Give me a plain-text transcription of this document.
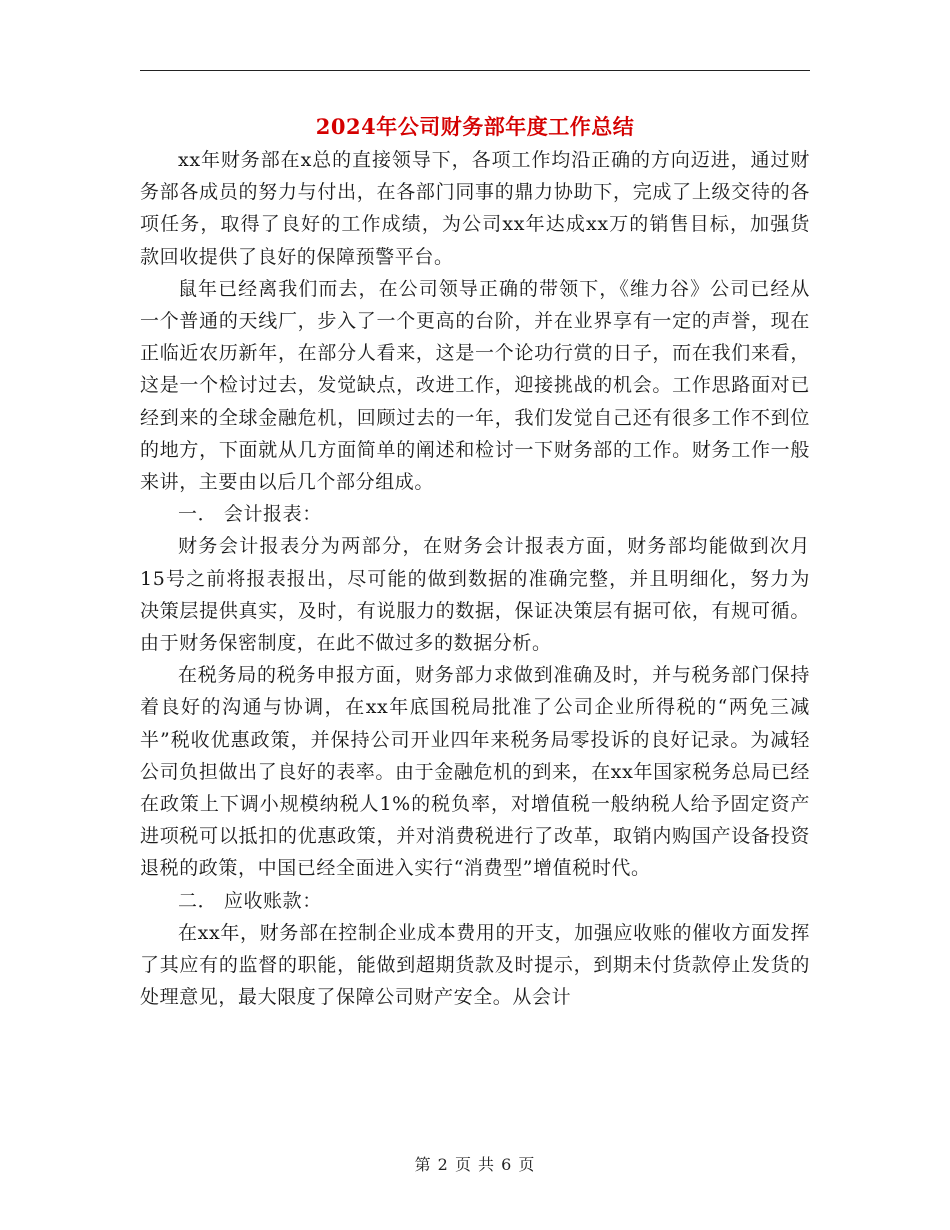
2024年公司财务部年度工作总结

xx年财务部在x总的直接领导下，各项工作均沿正确的方向迈进，通过财务部各成员的努力与付出，在各部门同事的鼎力协助下，完成了上级交待的各项任务，取得了良好的工作成绩，为公司xx年达成xx万的销售目标，加强货款回收提供了良好的保障预警平台。

鼠年已经离我们而去，在公司领导正确的带领下，《维力谷》公司已经从一个普通的天线厂，步入了一个更高的台阶，并在业界享有一定的声誉，现在正临近农历新年，在部分人看来，这是一个论功行赏的日子，而在我们来看，这是一个检讨过去，发觉缺点，改进工作，迎接挑战的机会。工作思路面对已经到来的全球金融危机，回顾过去的一年，我们发觉自己还有很多工作不到位的地方，下面就从几方面简单的阐述和检讨一下财务部的工作。财务工作一般来讲，主要由以后几个部分组成。

一． 会计报表：

财务会计报表分为两部分，在财务会计报表方面，财务部均能做到次月15号之前将报表报出，尽可能的做到数据的准确完整，并且明细化，努力为决策层提供真实，及时，有说服力的数据，保证决策层有据可依，有规可循。由于财务保密制度，在此不做过多的数据分析。

在税务局的税务申报方面，财务部力求做到准确及时，并与税务部门保持着良好的沟通与协调，在xx年底国税局批准了公司企业所得税的“两免三减半”税收优惠政策，并保持公司开业四年来税务局零投诉的良好记录。为减轻公司负担做出了良好的表率。由于金融危机的到来，在xx年国家税务总局已经在政策上下调小规模纳税人1%的税负率，对增值税一般纳税人给予固定资产进项税可以抵扣的优惠政策，并对消费税进行了改革，取销内购国产设备投资退税的政策，中国已经全面进入实行“消费型”增值税时代。

二． 应收账款：

在xx年，财务部在控制企业成本费用的开支，加强应收账的催收方面发挥了其应有的监督的职能，能做到超期货款及时提示，到期未付货款停止发货的处理意见，最大限度了保障公司财产安全。从会计

第 2 页 共 6 页
